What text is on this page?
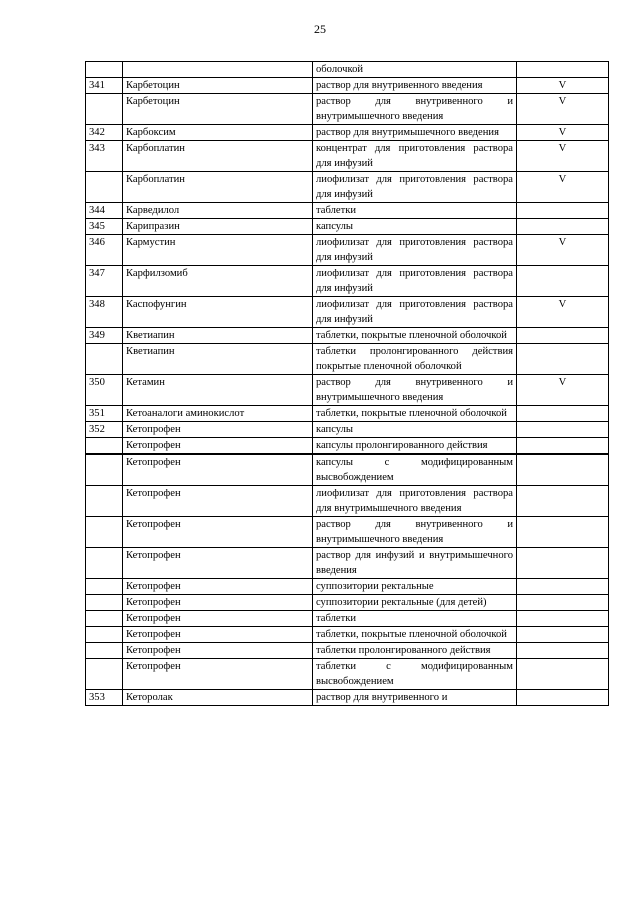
25
		оболочкой	
341	Карбетоцин	раствор для внутривенного введения	V
	Карбетоцин	раствор для внутривенного и внутримышечного введения	V
342	Карбоксим	раствор для внутримышечного введения	V
343	Карбоплатин	концентрат для приготовления раствора для инфузий	V
	Карбоплатин	лиофилизат для приготовления раствора для инфузий	V
344	Карведилол	таблетки	
345	Карипразин	капсулы	
346	Кармустин	лиофилизат для приготовления раствора для инфузий	V
347	Карфилзомиб	лиофилизат для приготовления раствора для инфузий	
348	Каспофунгин	лиофилизат для приготовления раствора для инфузий	V
349	Кветиапин	таблетки, покрытые пленочной оболочкой	
	Кветиапин	таблетки пролонгированного действия покрытые пленочной оболочкой	
350	Кетамин	раствор для внутривенного и внутримышечного введения	V
351	Кетоаналоги аминокислот	таблетки, покрытые пленочной оболочкой	
352	Кетопрофен	капсулы	
	Кетопрофен	капсулы пролонгированного действия	
	Кетопрофен	капсулы с модифицированным высвобождением	
	Кетопрофен	лиофилизат для приготовления раствора для внутримышечного введения	
	Кетопрофен	раствор для внутривенного и внутримышечного введения	
	Кетопрофен	раствор для инфузий и внутримышечного введения	
	Кетопрофен	суппозитории ректальные	
	Кетопрофен	суппозитории ректальные (для детей)	
	Кетопрофен	таблетки	
	Кетопрофен	таблетки, покрытые пленочной оболочкой	
	Кетопрофен	таблетки пролонгированного действия	
	Кетопрофен	таблетки с модифицированным высвобождением	
353	Кеторолак	раствор для внутривенного и	
